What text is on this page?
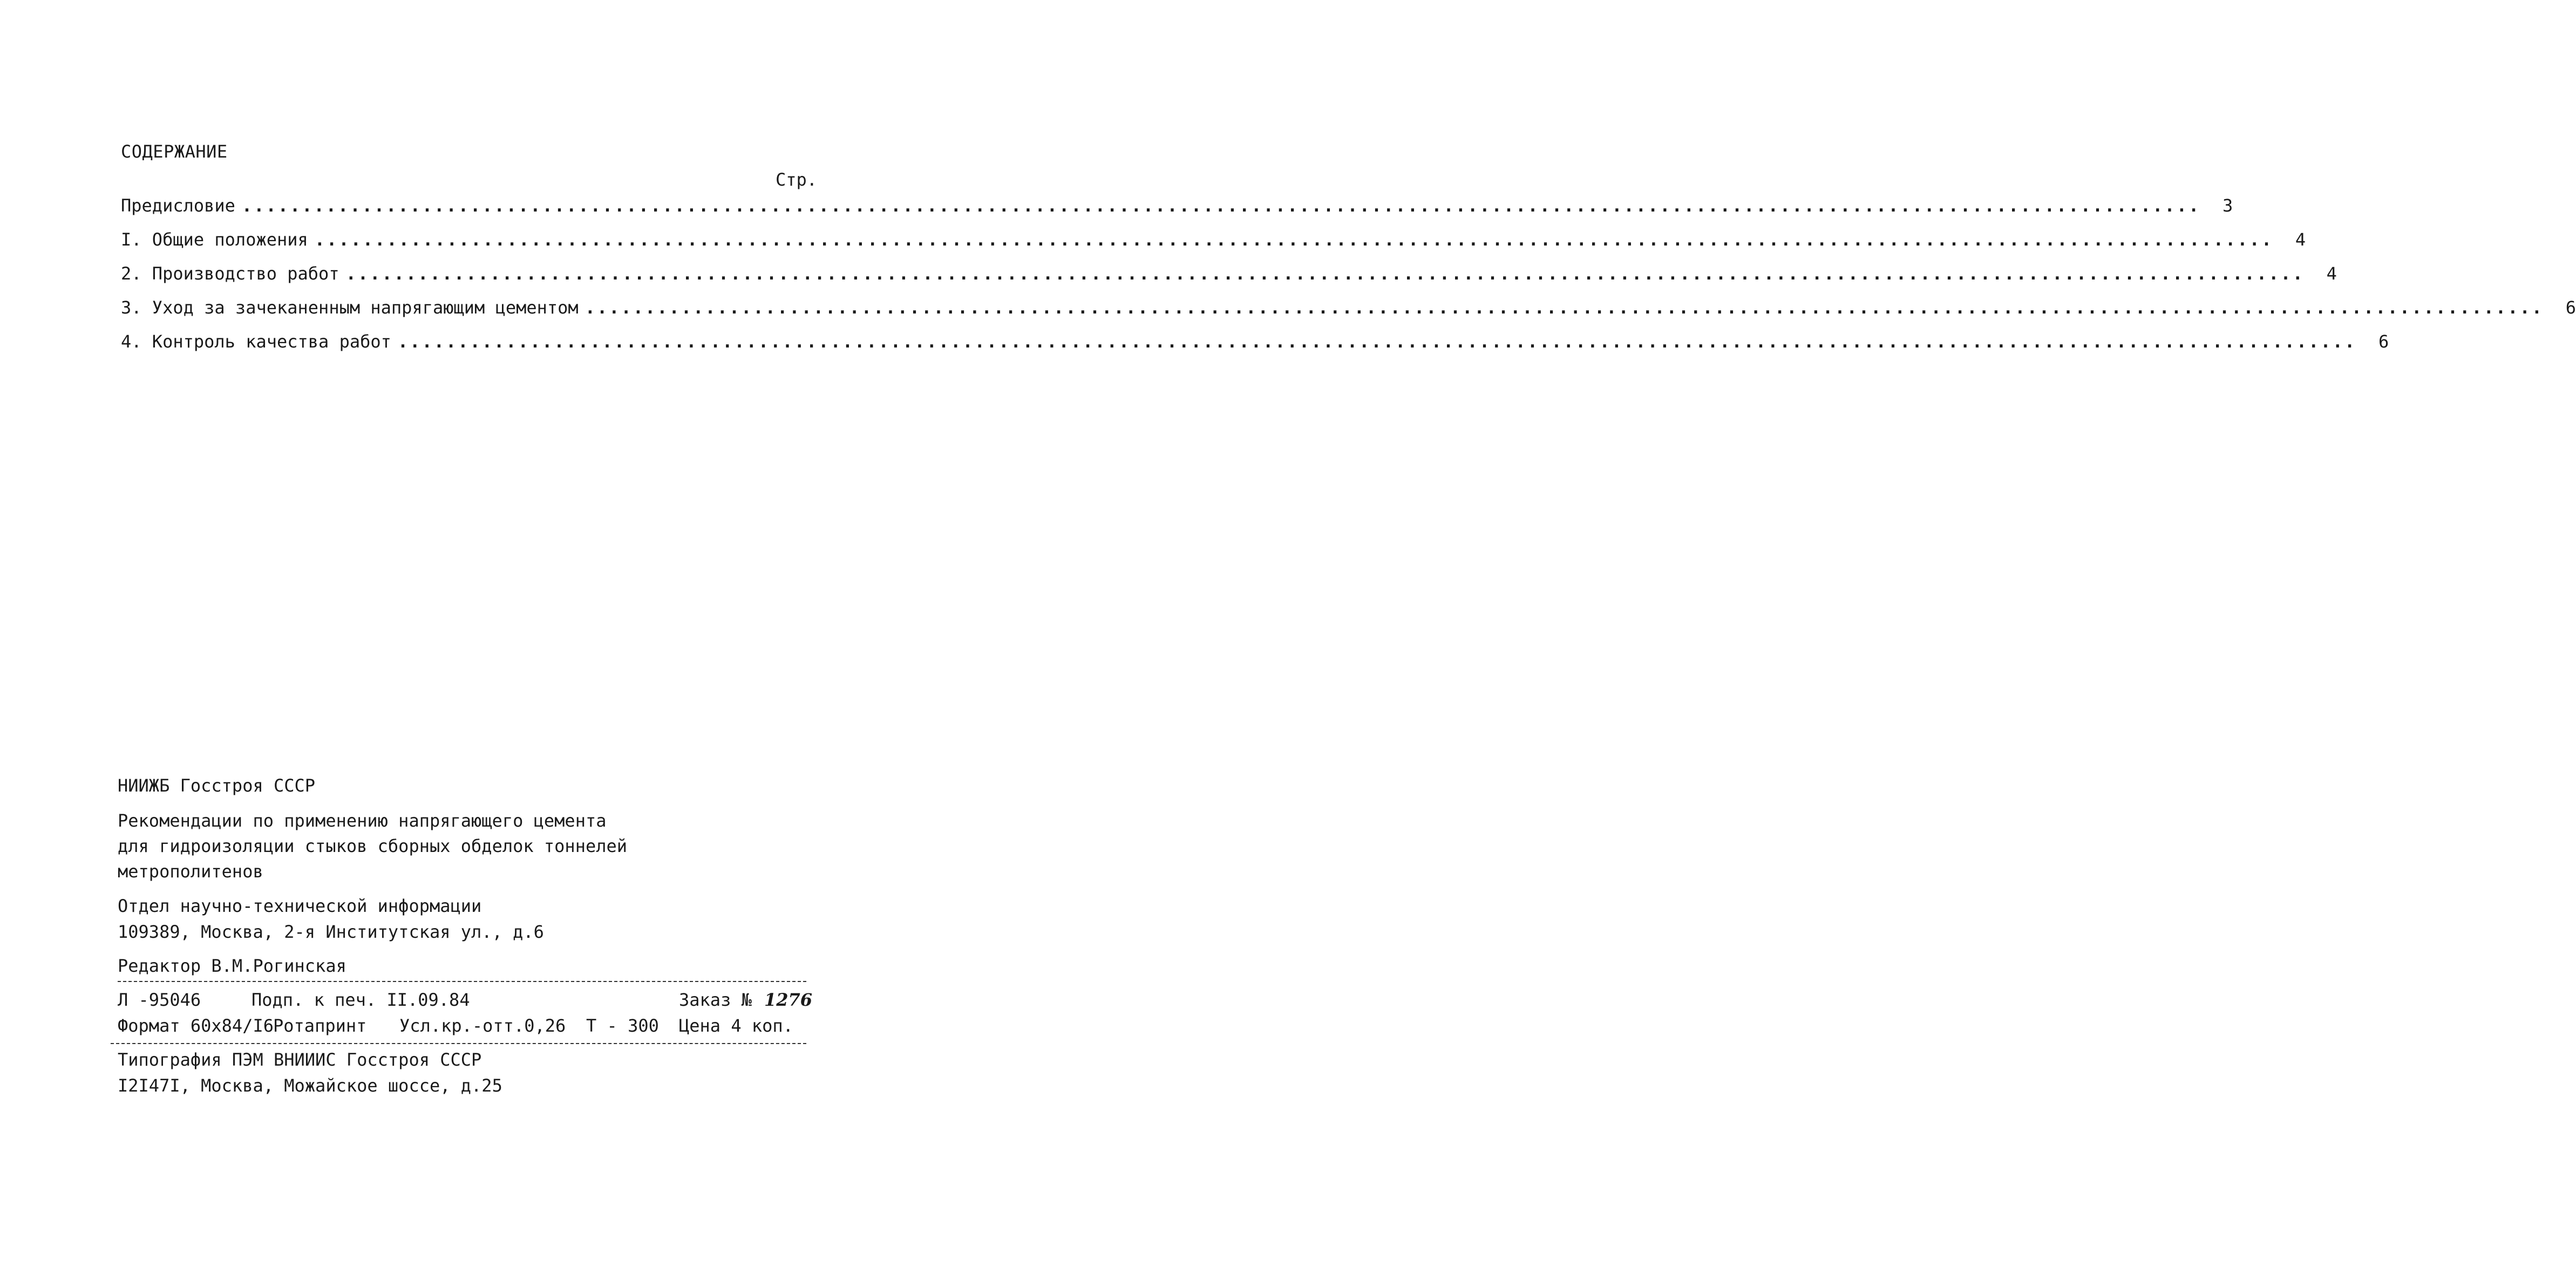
СОДЕРЖАНИЕ
Стр.
Предисловие ...................................................................................................................................................................	3
I. Общие положения ...................................................................................................................................................................	4
2. Производство работ ...................................................................................................................................................................	4
3. Уход за зачеканенным напрягающим цементом ...................................................................................................................................................................	6
4. Контроль качества работ ...................................................................................................................................................................	6
НИИЖБ Госстроя СССР
Рекомендации по применению напрягающего цемента
для гидроизоляции стыков сборных обделок тоннелей
метрополитенов
Отдел научно-технической информации
109389, Москва, 2-я Институтская ул., д.6
Редактор В.М.Рогинская
Л -95046	Подп. к печ. II.09.84	Заказ № 1276
Формат 60х84/I6 Ротапринт Усл.кр.-отт.0,26 Т - 300 Цена 4 коп.
Типография ПЭМ ВНИИИС Госстроя СССР
I2I47I, Москва, Можайское шоссе, д.25
